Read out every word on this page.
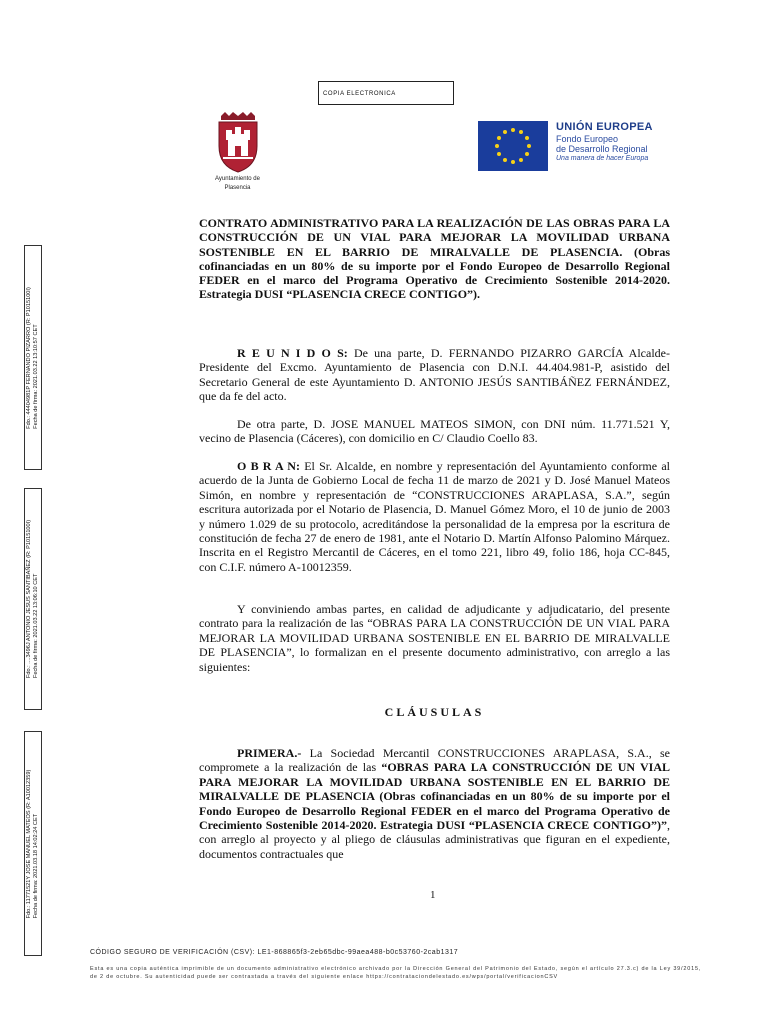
COPIA ELECTRONICA
Ayuntamiento de
Plasencia
UNIÓN EUROPEA
Fondo Europeo
de Desarrollo Regional
Una manera de hacer Europa
Fdo.: 44404981P FERNANDO PIZARRO (R: P1015100I) Fecha de firma: 2021.03.22 13:10:57 CET
Fdo.: ....3496J ANTONIO JESUS SANTIBAÑEZ (R: P1015100I) Fecha de firma: 2021.03.22 13:06:10 CET
Fdo.: 11771521Y JOSE MANUEL MATEOS (R: A10012359) Fecha de firma: 2021.03.18 14:02:24 CET
CONTRATO ADMINISTRATIVO PARA LA REALIZACIÓN DE LAS OBRAS PARA LA CONSTRUCCIÓN DE UN VIAL PARA MEJORAR LA MOVILIDAD URBANA SOSTENIBLE EN EL BARRIO DE MIRALVALLE DE PLASENCIA. (Obras cofinanciadas en un 80% de su importe por el Fondo Europeo de Desarrollo Regional FEDER en el marco del Programa Operativo de Crecimiento Sostenible 2014-2020. Estrategia DUSI “PLASENCIA CRECE CONTIGO”).
R E U N I D O S: De una parte, D. FERNANDO PIZARRO GARCÍA Alcalde-Presidente del Excmo. Ayuntamiento de Plasencia con D.N.I. 44.404.981-P, asistido del Secretario General de este Ayuntamiento D. ANTONIO JESÚS SANTIBÁÑEZ FERNÁNDEZ, que da fe del acto.
De otra parte, D. JOSE MANUEL MATEOS SIMON, con DNI núm. 11.771.521 Y, vecino de Plasencia (Cáceres), con domicilio en C/ Claudio Coello 83.
O B R A N: El Sr. Alcalde, en nombre y representación del Ayuntamiento conforme al acuerdo de la Junta de Gobierno Local de fecha 11 de marzo de 2021 y D. José Manuel Mateos Simón, en nombre y representación de “CONSTRUCCIONES ARAPLASA, S.A.”, según escritura autorizada por el Notario de Plasencia, D. Manuel Gómez Moro, el 10 de junio de 2003 y número 1.029 de su protocolo, acreditándose la personalidad de la empresa por la escritura de constitución de fecha 27 de enero de 1981, ante el Notario D. Martín Alfonso Palomino Márquez. Inscrita en el Registro Mercantil de Cáceres, en el tomo 221, libro 49, folio 186, hoja CC-845, con C.I.F. número A-10012359.
Y conviniendo ambas partes, en calidad de adjudicante y adjudicatario, del presente contrato para la realización de las “OBRAS PARA LA CONSTRUCCIÓN DE UN VIAL PARA MEJORAR LA MOVILIDAD URBANA SOSTENIBLE EN EL BARRIO DE MIRALVALLE DE PLASENCIA”, lo formalizan en el presente documento administrativo, con arreglo a las siguientes:
CLÁUSULAS
PRIMERA.- La Sociedad Mercantil CONSTRUCCIONES ARAPLASA, S.A., se compromete a la realización de las “OBRAS PARA LA CONSTRUCCIÓN DE UN VIAL PARA MEJORAR LA MOVILIDAD URBANA SOSTENIBLE EN EL BARRIO DE MIRALVALLE DE PLASENCIA (Obras cofinanciadas en un 80% de su importe por el Fondo Europeo de Desarrollo Regional FEDER en el marco del Programa Operativo de Crecimiento Sostenible 2014-2020. Estrategia DUSI “PLASENCIA CRECE CONTIGO”)”, con arreglo al proyecto y al pliego de cláusulas administrativas que figuran en el expediente, documentos contractuales que
1
CÓDIGO SEGURO DE VERIFICACIÓN (CSV): LE1-868865f3-2eb65dbc-99aea488-b0c53760-2cab1317
Esta es una copia auténtica imprimible de un documento administrativo electrónico archivado por la Dirección General del Patrimonio del Estado, según el artículo 27.3.c) de la Ley 39/2015, de 2 de octubre. Su autenticidad puede ser contrastada a través del siguiente enlace https://contrataciondelestado.es/wps/portal/verificacionCSV
